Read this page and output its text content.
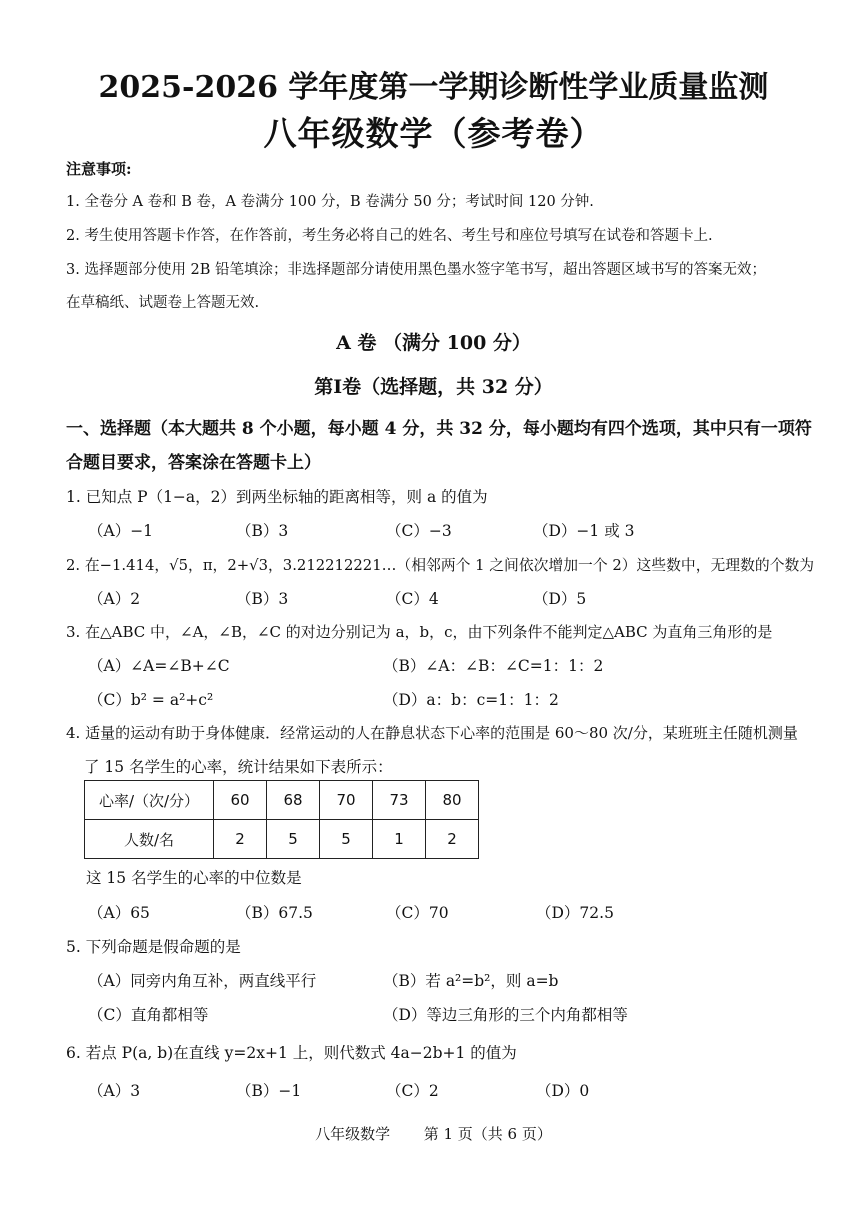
2025-2026 学年度第一学期诊断性学业质量监测
八年级数学（参考卷）
注意事项:
1. 全卷分 A 卷和 B 卷，A 卷满分 100 分，B 卷满分 50 分；考试时间 120 分钟.
2. 考生使用答题卡作答，在作答前，考生务必将自己的姓名、考生号和座位号填写在试卷和答题卡上.
3. 选择题部分使用 2B 铅笔填涂；非选择题部分请使用黑色墨水签字笔书写，超出答题区域书写的答案无效；
在草稿纸、试题卷上答题无效.
A 卷 （满分 100 分）
第Ⅰ卷（选择题，共 32 分）
一、选择题（本大题共 8 个小题，每小题 4 分，共 32 分，每小题均有四个选项，其中只有一项符
合题目要求，答案涂在答题卡上）
1. 已知点 P（1−a，2）到两坐标轴的距离相等，则 a 的值为
（A）−1	（B）3	（C）−3	（D）−1 或 3
2. 在−1.414，√5，π，2+√3，3.212212221…（相邻两个 1 之间依次增加一个 2）这些数中，无理数的个数为
（A）2	（B）3	（C）4	（D）5
3. 在△ABC 中，∠A，∠B，∠C 的对边分别记为 a，b，c，由下列条件不能判定△ABC 为直角三角形的是
（A）∠A=∠B+∠C	（B）∠A：∠B：∠C=1：1：2
（C）b² = a²+c²	（D）a：b：c=1：1：2
4. 适量的运动有助于身体健康．经常运动的人在静息状态下心率的范围是 60～80 次/分，某班班主任随机测量
了 15 名学生的心率，统计结果如下表所示：
心率/（次/分）	60	68	70	73	80
人数/名	2	5	5	1	2
这 15 名学生的心率的中位数是
（A）65	（B）67.5	（C）70	（D）72.5
5. 下列命题是假命题的是
（A）同旁内角互补，两直线平行	（B）若 a²=b²，则 a=b
（C）直角都相等	（D）等边三角形的三个内角都相等
6. 若点 P(a, b)在直线 y=2x+1 上，则代数式 4a−2b+1 的值为
（A）3	（B）−1	（C）2	（D）0
八年级数学 第 1 页（共 6 页）
